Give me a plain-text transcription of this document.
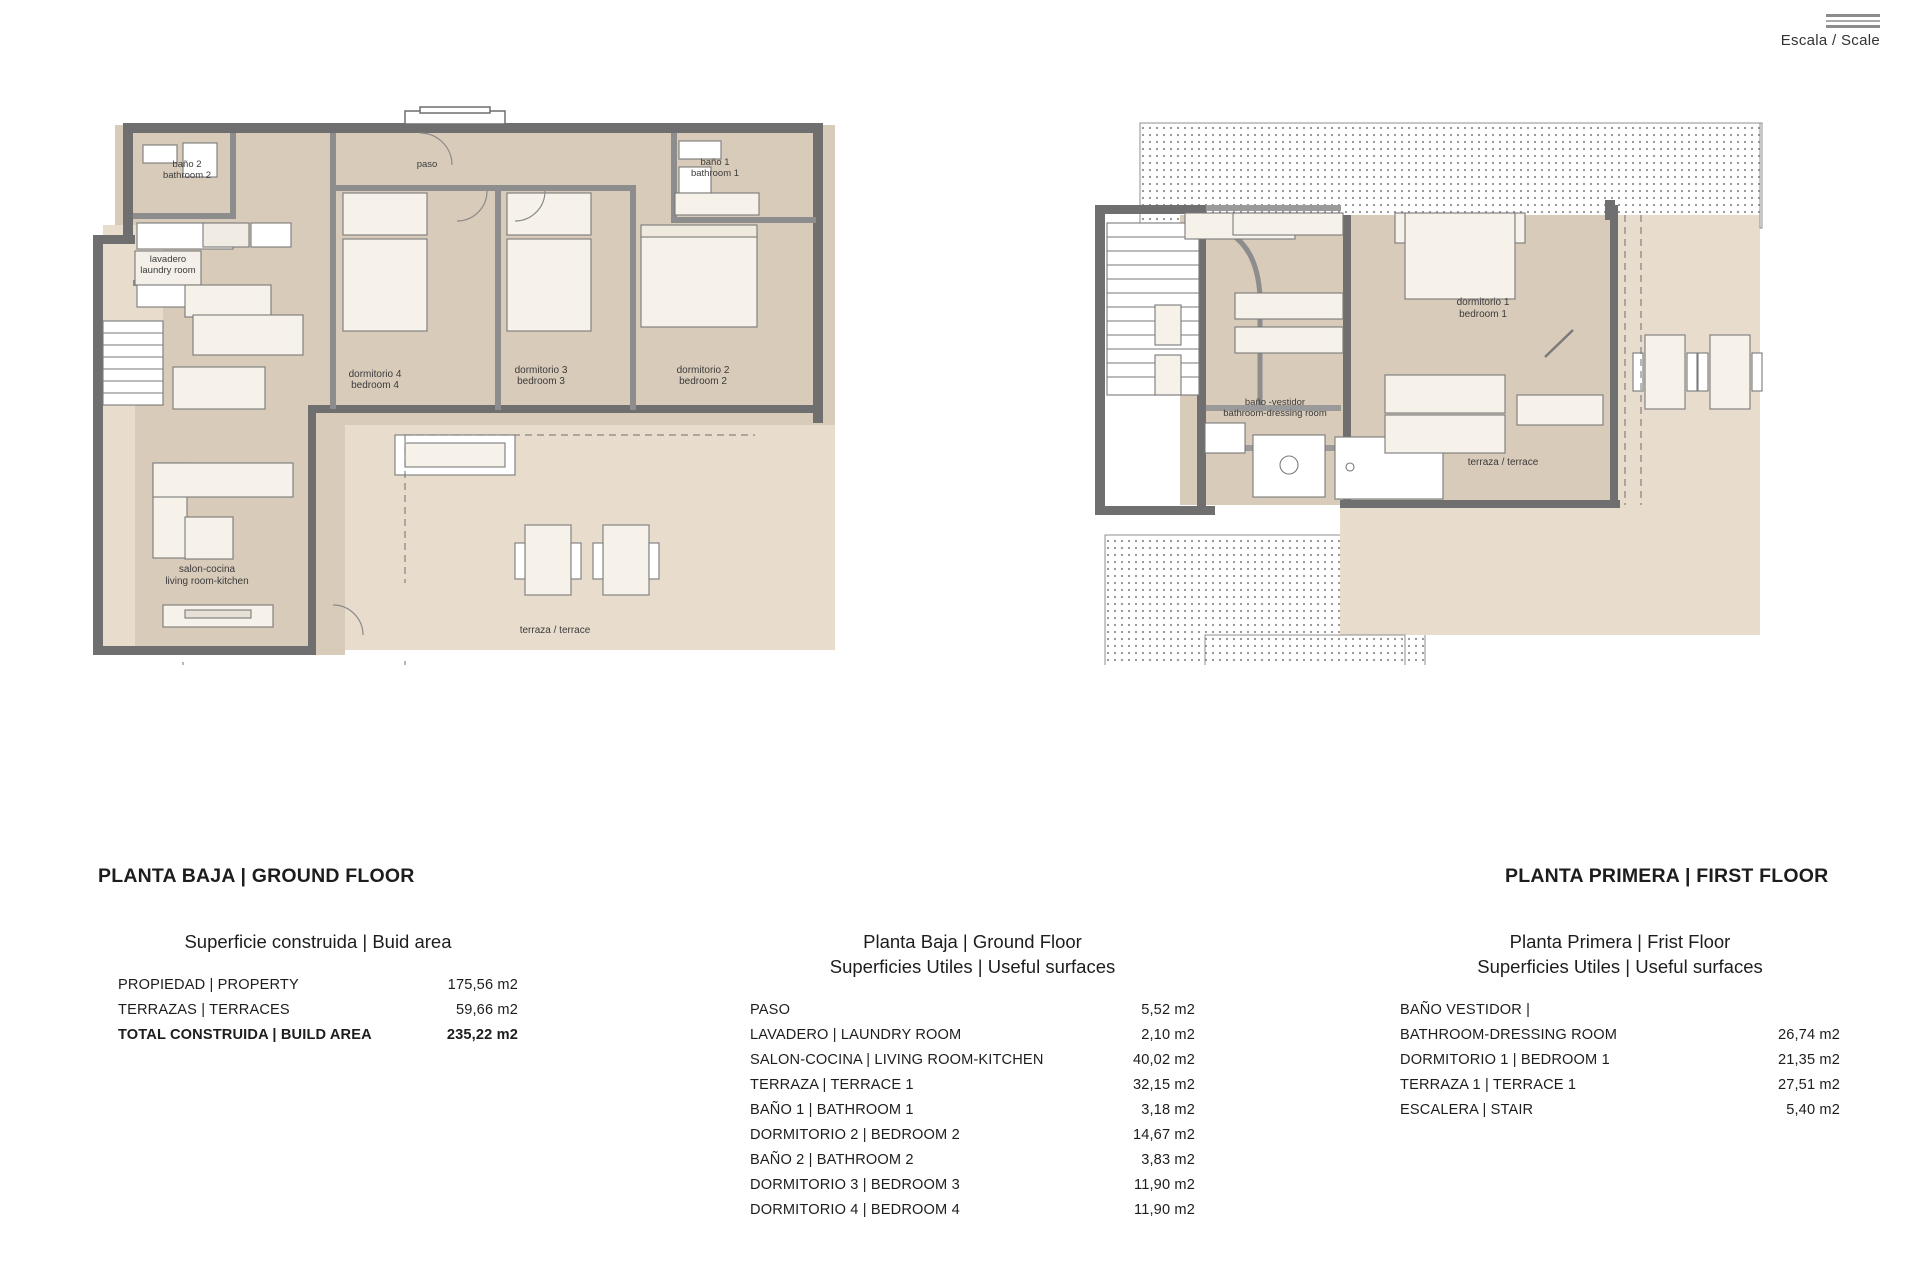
Escala / Scale
baño 2
bathroom 2
paso	baño 1
bathroom 1
lavadero
laundry room
dormitorio 4
bedroom 4
dormitorio 3
bedroom 3
dormitorio 2
bedroom 2
salon-cocina
living room-kitchen
terraza / terrace
dormitorio 1
bedroom 1
baño -vestidor
bathroom-dressing room
terraza / terrace
PLANTA BAJA | GROUND FLOOR	PLANTA PRIMERA | FIRST FLOOR
Superficie construida | Buid area
PROPIEDAD | PROPERTY	175,56 m2
TERRAZAS | TERRACES	59,66 m2
TOTAL CONSTRUIDA | BUILD AREA	235,22 m2
Planta Baja | Ground Floor
Superficies Utiles | Useful surfaces
PASO	5,52 m2
LAVADERO | LAUNDRY ROOM	2,10 m2
SALON-COCINA | LIVING ROOM-KITCHEN	40,02 m2
TERRAZA | TERRACE 1	32,15 m2
BAÑO 1 | BATHROOM 1	3,18 m2
DORMITORIO 2 | BEDROOM 2	14,67 m2
BAÑO 2 | BATHROOM 2	3,83 m2
DORMITORIO 3 | BEDROOM 3	11,90 m2
DORMITORIO 4 | BEDROOM 4	11,90 m2
Planta Primera | Frist Floor
Superficies Utiles | Useful surfaces
BAÑO VESTIDOR |
BATHROOM-DRESSING ROOM	26,74 m2
DORMITORIO 1 | BEDROOM 1	21,35 m2
TERRAZA 1 | TERRACE 1	27,51 m2
ESCALERA | STAIR	5,40 m2
